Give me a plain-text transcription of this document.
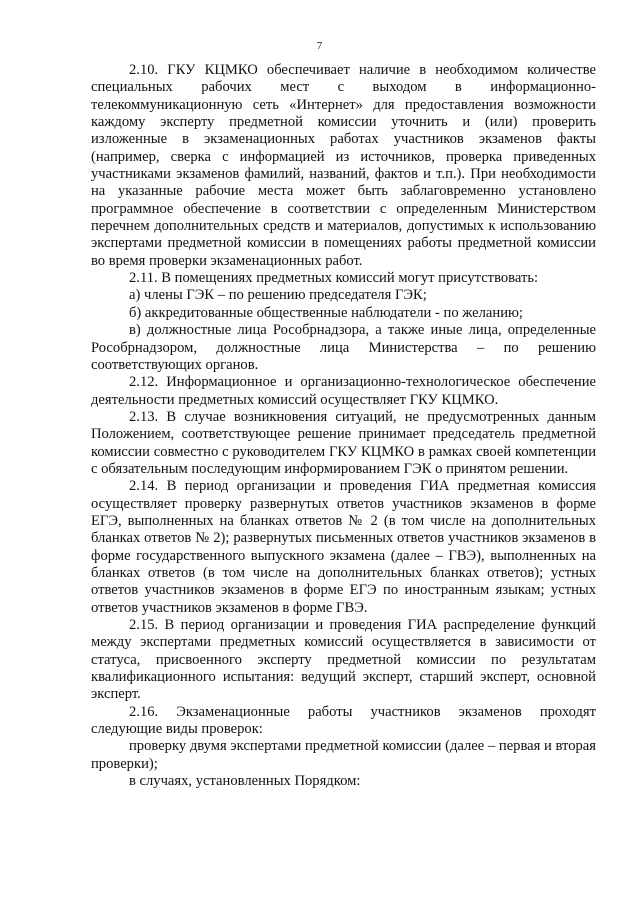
7

2.10. ГКУ КЦМКО обеспечивает наличие в необходимом количестве специальных рабочих мест с выходом в информационно-телекоммуникационную сеть «Интернет» для предоставления возможности каждому эксперту предметной комиссии уточнить и (или) проверить изложенные в экзаменационных работах участников экзаменов факты (например, сверка с информацией из источников, проверка приведенных участниками экзаменов фамилий, названий, фактов и т.п.). При необходимости на указанные рабочие места может быть заблаговременно установлено программное обеспечение в соответствии с определенным Министерством перечнем дополнительных средств и материалов, допустимых к использованию экспертами предметной комиссии в помещениях работы предметной комиссии во время проверки экзаменационных работ.

2.11. В помещениях предметных комиссий могут присутствовать:

а) члены ГЭК – по решению председателя ГЭК;

б) аккредитованные общественные наблюдатели - по желанию;

в) должностные лица Рособрнадзора, а также иные лица, определенные Рособрнадзором, должностные лица Министерства – по решению соответствующих органов.

2.12. Информационное и организационно-технологическое обеспечение деятельности предметных комиссий осуществляет ГКУ КЦМКО.

2.13. В случае возникновения ситуаций, не предусмотренных данным Положением, соответствующее решение принимает председатель предметной комиссии совместно с руководителем ГКУ КЦМКО в рамках своей компетенции с обязательным последующим информированием ГЭК о принятом решении.

2.14. В период организации и проведения ГИА предметная комиссия осуществляет проверку развернутых ответов участников экзаменов в форме ЕГЭ, выполненных на бланках ответов № 2 (в том числе на дополнительных бланках ответов № 2); развернутых письменных ответов участников экзаменов в форме государственного выпускного экзамена (далее – ГВЭ), выполненных на бланках ответов (в том числе на дополнительных бланках ответов); устных ответов участников экзаменов в форме ЕГЭ по иностранным языкам; устных ответов участников экзаменов в форме ГВЭ.

2.15. В период организации и проведения ГИА распределение функций между экспертами предметных комиссий осуществляется в зависимости от статуса, присвоенного эксперту предметной комиссии по результатам квалификационного испытания: ведущий эксперт, старший эксперт, основной эксперт.

2.16. Экзаменационные работы участников экзаменов проходят следующие виды проверок:

проверку двумя экспертами предметной комиссии (далее – первая и вторая проверки);

в случаях, установленных Порядком:
